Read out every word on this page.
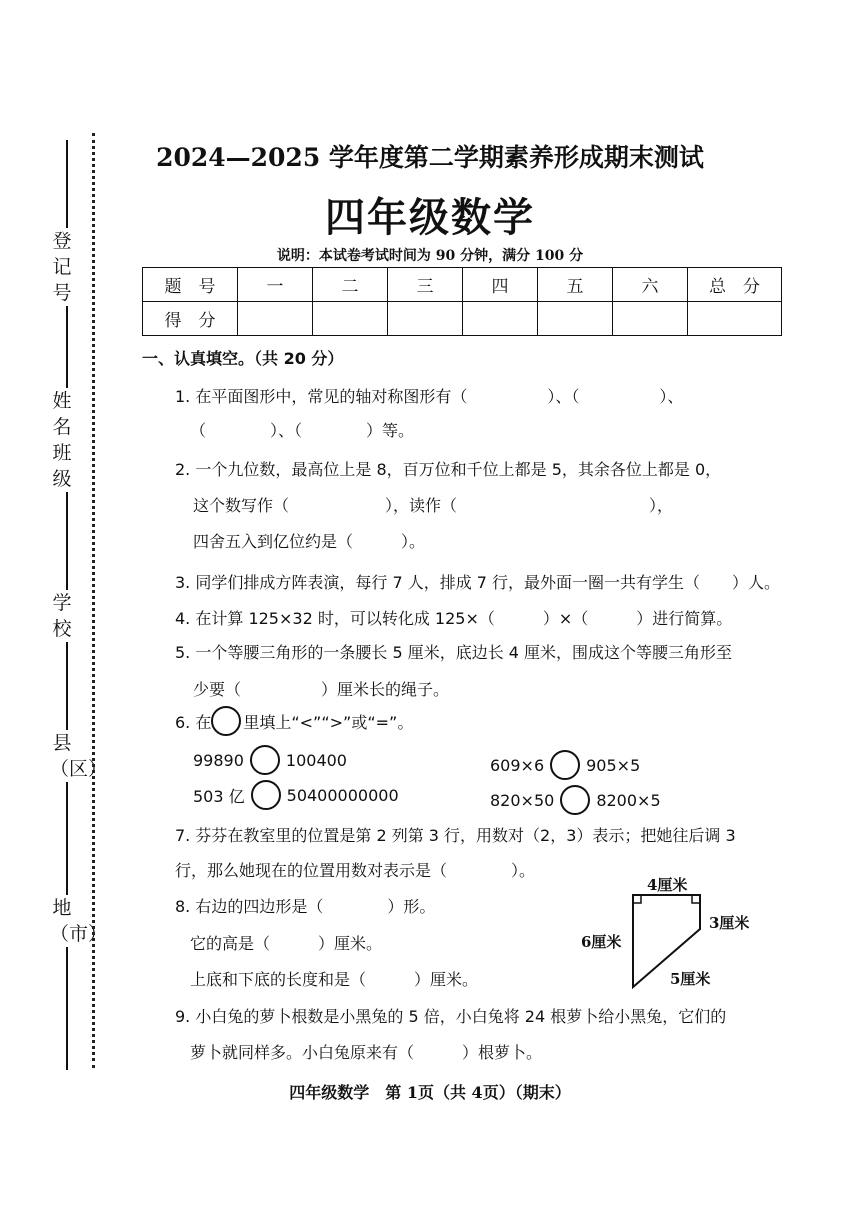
登记号
姓名
班级
学校
县（区）
地（市）
2024—2025 学年度第二学期素养形成期末测试
四年级数学
说明：本试卷考试时间为 90 分钟，满分 100 分
题　号	一	二	三	四	五	六	总　分
得　分							
一、认真填空。（共 20 分）
1. 在平面图形中，常见的轴对称图形有（　　　　　）、（　　　　　）、
（　　　　）、（　　　　）等。
2. 一个九位数，最高位上是 8，百万位和千位上都是 5，其余各位上都是 0，
这个数写作（　　　　　　），读作（　　　　　　　　　　　　），
四舍五入到亿位约是（　　　）。
3. 同学们排成方阵表演，每行 7 人，排成 7 行，最外面一圈一共有学生（　　）人。
4. 在计算 125×32 时，可以转化成 125×（　　　）×（　　　）进行简算。
5. 一个等腰三角形的一条腰长 5 厘米，底边长 4 厘米，围成这个等腰三角形至
少要（　　　　　）厘米长的绳子。
6. 在 里填上“<”“>”或“=”。
99890	100400	609×6	905×5
503 亿	50400000000	820×50	8200×5
7. 芬芬在教室里的位置是第 2 列第 3 行，用数对（2，3）表示；把她往后调 3
行，那么她现在的位置用数对表示是（　　　　）。
8. 右边的四边形是（　　　　）形。
它的高是（　　　）厘米。
上底和下底的长度和是（　　　）厘米。
9. 小白兔的萝卜根数是小黑兔的 5 倍，小白兔将 24 根萝卜给小黑兔，它们的
萝卜就同样多。小白兔原来有（　　　）根萝卜。
4厘米
3厘米
6厘米
5厘米
四年级数学　第 1页（共 4页）（期末）
